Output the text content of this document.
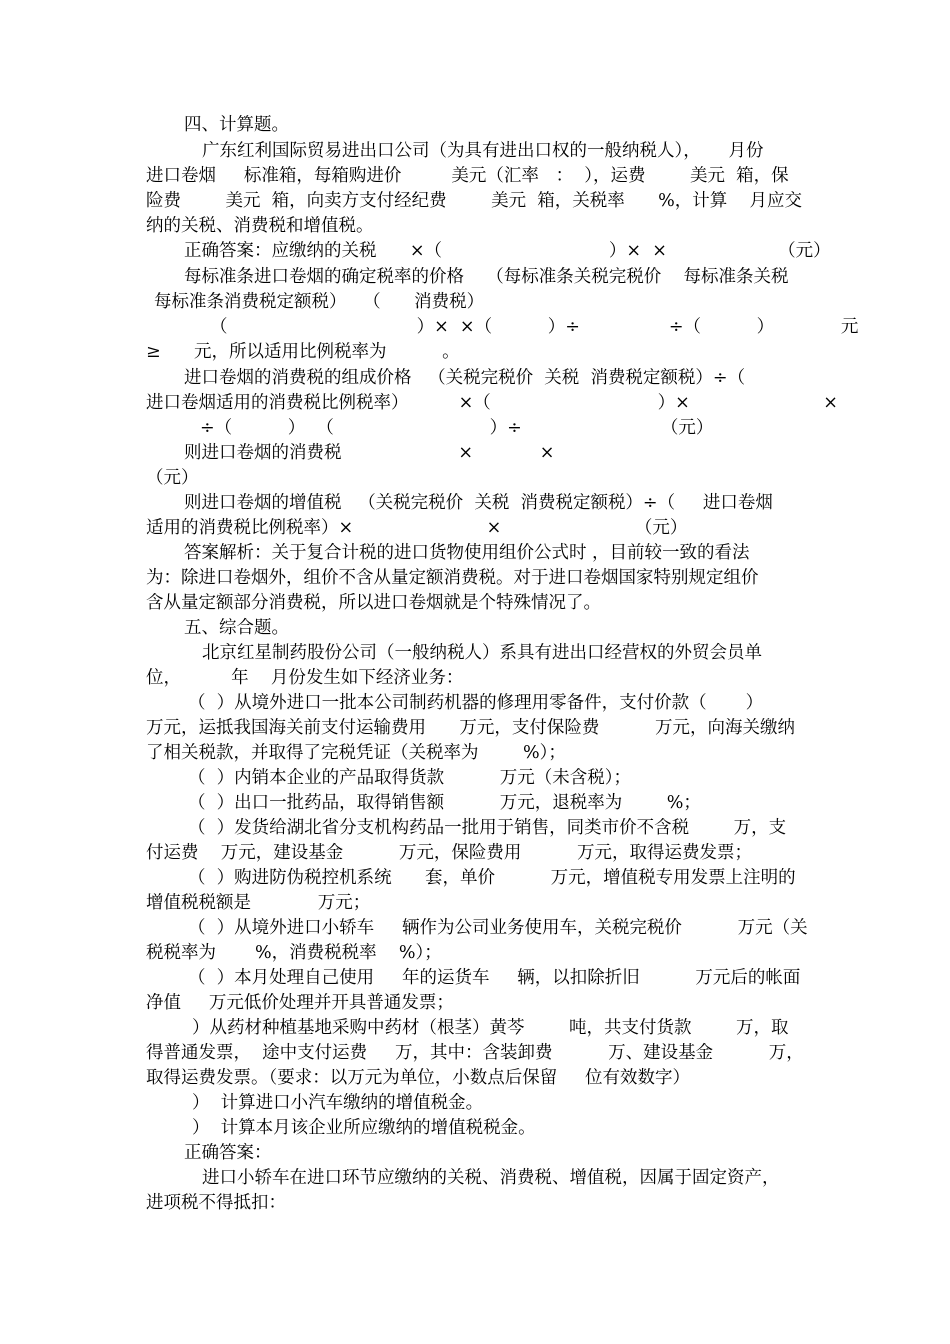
四、计算题。
广东红利国际贸易进出口公司（为具有进出口权的一般纳税人），     月份
进口卷烟     标准箱，每箱购进价         美元（汇率   ：  ），运费        美元  箱，保
险费        美元  箱，向卖方支付经纪费        美元  箱，关税率      %，计算    月应交
纳的关税、消费税和增值税。
正确答案：应缴纳的关税      ×（                              ）×  ×                    （元）
每标准条进口卷烟的确定税率的价格    （每标准条关税完税价    每标准条关税
每标准条消费税定额税）   （      消费税）
（                                  ）×  ×（          ）÷                ÷（          ）            元
≥      元，所以适用比例税率为          。
进口卷烟的消费税的组成价格   （关税完税价  关税  消费税定额税）÷（
进口卷烟适用的消费税比例税率）         ×（                              ）×                        ×
÷（          ）  （                            ）÷                         （元）
则进口卷烟的消费税                     ×            ×
（元）
则进口卷烟的增值税   （关税完税价  关税  消费税定额税）÷（     进口卷烟
适用的消费税比例税率）×                        ×                        （元）
答案解析：关于复合计税的进口货物使用组价公式时 ，目前较一致的看法
为：除进口卷烟外，组价不含从量定额消费税。对于进口卷烟国家特别规定组价
含从量定额部分消费税，所以进口卷烟就是个特殊情况了。
五、综合题。
北京红星制药股份公司（一般纳税人）系具有进出口经营权的外贸会员单
位，         年    月份发生如下经济业务：
（  ）从境外进口一批本公司制药机器的修理用零备件，支付价款（       ）
万元，运抵我国海关前支付运输费用      万元，支付保险费          万元，向海关缴纳
了相关税款，并取得了完税凭证（关税率为        %）；
（  ）内销本企业的产品取得货款          万元（未含税）；
（  ）出口一批药品，取得销售额          万元，退税率为        %；
（  ）发货给湖北省分支机构药品一批用于销售，同类市价不含税        万，支
付运费    万元，建设基金          万元，保险费用          万元，取得运费发票；
（  ）购进防伪税控机系统      套，单价          万元，增值税专用发票上注明的
增值税税额是            万元；
（  ）从境外进口小轿车     辆作为公司业务使用车，关税完税价          万元（关
税税率为       %，消费税税率    %）；
（  ）本月处理自己使用     年的运货车     辆，以扣除折旧          万元后的帐面
净值     万元低价处理并开具普通发票；
）从药材种植基地采购中药材（根茎）黄芩        吨，共支付货款        万，取
得普通发票，  途中支付运费     万，其中：含装卸费          万、建设基金          万，
取得运费发票。（要求：以万元为单位，小数点后保留     位有效数字）
）  计算进口小汽车缴纳的增值税金。
）  计算本月该企业所应缴纳的增值税税金。
正确答案：
进口小轿车在进口环节应缴纳的关税、消费税、增值税，因属于固定资产，
进项税不得抵扣：
